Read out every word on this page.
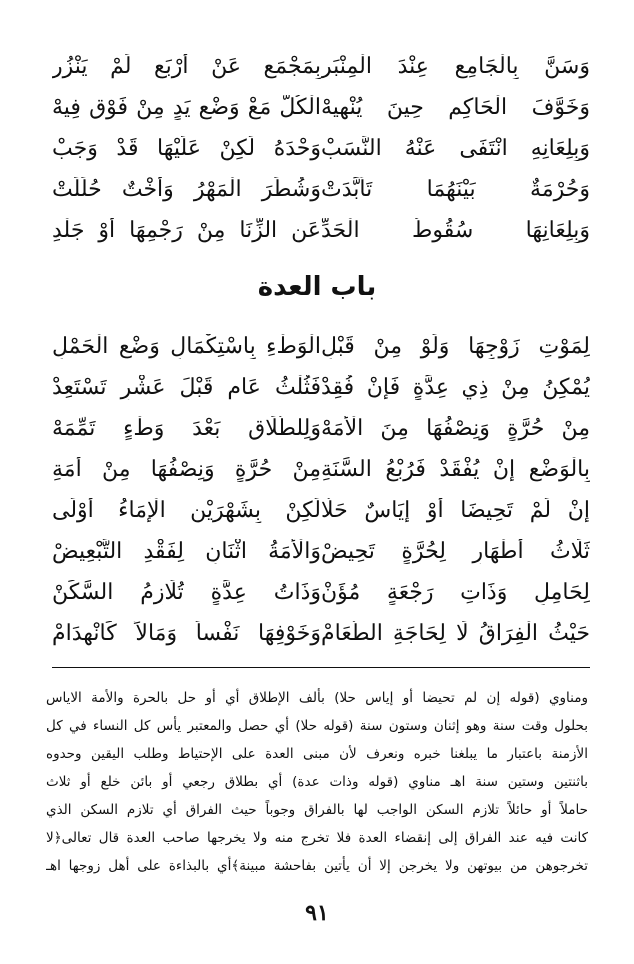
وَسَنَّ بِالْجَامِعِ عِنْدَ الْمِنْبَرِ
بِمَجْمَعٍ عَنْ أَرْبَعٍ لَمْ يَنْزُرِ
وَخَوَّفَ الْحَاكِمِ حِينَ يُنْهِيهْ
الْكُلَّ مَعْ وَضْعِ يَدٍ مِنْ فَوْقِ فِيهْ
وَبِلِعَانِهِ انْتَفَى عَنْهُ النَّسَبْ
وَحْدَهُ لَكِنْ عَلَيْهَا قَدْ وَجَبْ
وَحُرْمَةٌ بَيْنَهُمَا تَأَبَّدَتْ
وَشُطِّرَ الْمَهْرُ وَأُخْتٌ حُلِّلَتْ
وَبِلِعَانِهَا سُقُوطُ الْحَدِّ
عَنِ الزِّنَا مِنْ رَجْمِهَا أَوْ جَلْدِ
باب العدة
لِمَوْتِ زَوْجِهَا وَلَوْ مِنْ قَبْلِ
الْوَطْءِ بِاسْتِكْمَالِ وَضْعِ الْحَمْلِ
يُمْكِنُ مِنْ ذِي عِدَّةٍ فَإِنْ فُقِدْ
فَثُلْثُ عَامٍ قَبْلَ عَشْرٍ تَسْتَعِدْ
مِنْ حُرَّةٍ وَنِصْفُهَا مِنَ الْأَمَهْ
وَلِلطَّلَاقِ بَعْدَ وَطْءٍ تَمِّمَهْ
بِالْوَضْعِ إِنْ يُفْقَدْ فَرُبْعُ السَّنَةِ
مِنْ حُرَّةٍ وَنِصْفُهَا مِنْ أَمَةِ
إِنْ لَمْ تَحِيضَا أَوْ إِيَاسٌ حَلَّا
لَكِنْ بِشَهْرَيْنِ الْإِمَاءُ أَوْلَى
ثَلَاثُ أَطْهَارٍ لِحُرَّةٍ تَحِيضْ
وَالْأَمَةُ اثْنَانِ لِفَقْدِ التَّبْعِيضْ
لِحَامِلٍ وَذَاتِ رَجْعَةٍ مُؤَنْ
وَذَاتُ عِدَّةٍ تُلَازِمُ السَّكَنْ
حَيْثُ الْفِرَاقُ لَا لِحَاجَةِ الطَّعَامْ
وَخَوْفِهَا نَفْساً وَمَالاً كَانْهِدَامْ
ومناوي (قوله إن لم تحيضا أو إياس حلا) بألف الإطلاق أي أو حل بالحرة والأمة الاياس
بحلول وقت سنة وهو إثنان وستون سنة (قوله حلا) أي حصل والمعتبر يأس كل النساء في كل
الأزمنة باعتبار ما يبلغنا خبره ونعرف لأن مبنى العدة على الإحتياط وطلب اليقين وحدوه
باثنتين وستين سنة اهـ مناوي (قوله وذات عدة) أي بطلاق رجعي أو بائن خلع أو ثلاث
حاملاً أو حائلاً تلازم السكن الواجب لها بالفراق وجوباً حيث الفراق أي تلازم السكن الذي
كانت فيه عند الفراق إلى إنقضاء العدة فلا تخرج منه ولا يخرجها صاحب العدة قال تعالى﴿لا
تخرجوهن من بيوتهن ولا يخرجن إلا أن يأتين بفاحشة مبينة﴾أي بالبذاءة على أهل زوجها اهـ
٩١
